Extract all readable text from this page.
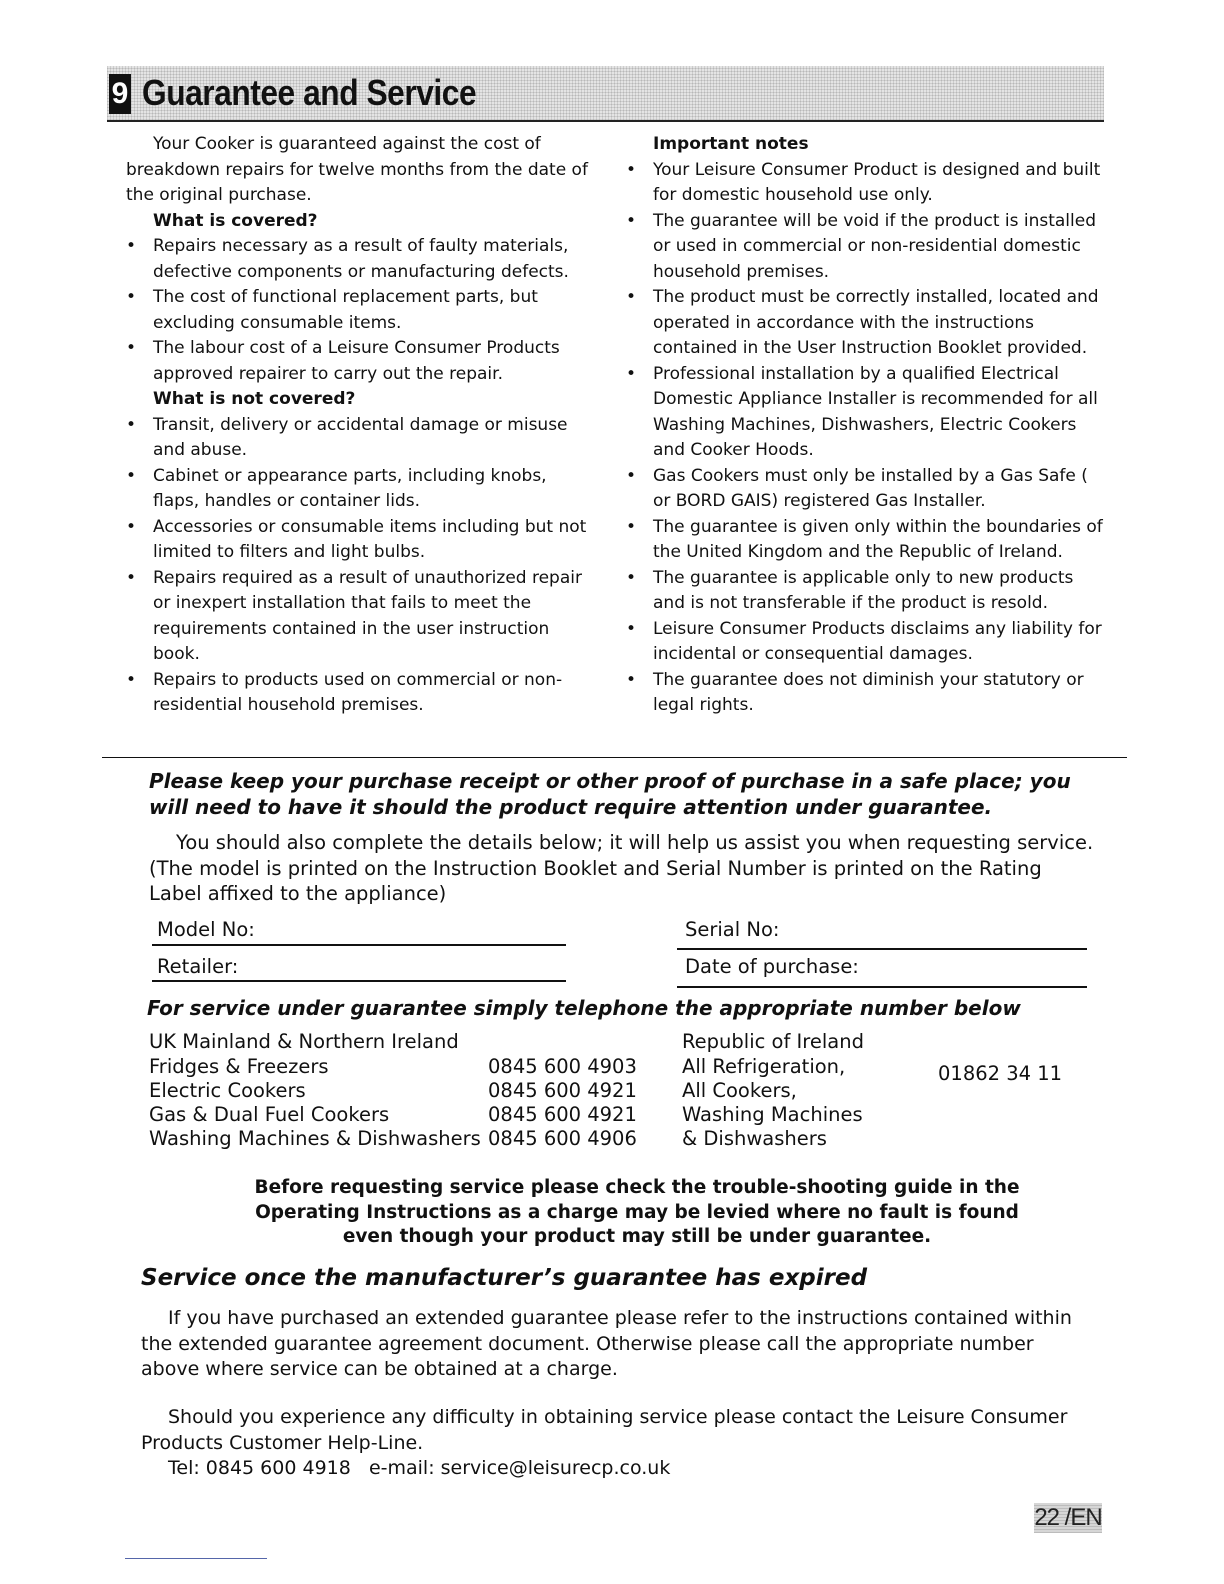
9 Guarantee and Service

Your Cooker is guaranteed against the cost of breakdown repairs for twelve months from the date of the original purchase.

What is covered?
• Repairs necessary as a result of faulty materials, defective components or manufacturing defects.
• The cost of functional replacement parts, but excluding consumable items.
• The labour cost of a Leisure Consumer Products approved repairer to carry out the repair.
What is not covered?
• Transit, delivery or accidental damage or misuse and abuse.
• Cabinet or appearance parts, including knobs, flaps, handles or container lids.
• Accessories or consumable items including but not limited to filters and light bulbs.
• Repairs required as a result of unauthorized repair or inexpert installation that fails to meet the requirements contained in the user instruction book.
• Repairs to products used on commercial or non-residential household premises.
Important notes
• Your Leisure Consumer Product is designed and built for domestic household use only.
• The guarantee will be void if the product is installed or used in commercial or non-residential domestic household premises.
• The product must be correctly installed, located and operated in accordance with the instructions contained in the User Instruction Booklet provided.
• Professional installation by a qualified Electrical Domestic Appliance Installer is recommended for all Washing Machines, Dishwashers, Electric Cookers and Cooker Hoods.
• Gas Cookers must only be installed by a Gas Safe ( or BORD GAIS) registered Gas Installer.
• The guarantee is given only within the boundaries of the United Kingdom and the Republic of Ireland.
• The guarantee is applicable only to new products and is not transferable if the product is resold.
• Leisure Consumer Products disclaims any liability for incidental or consequential damages.
• The guarantee does not diminish your statutory or legal rights.
Please keep your purchase receipt or other proof of purchase in a safe place; you will need to have it should the product require attention under guarantee.
You should also complete the details below; it will help us assist you when requesting service. (The model is printed on the Instruction Booklet and Serial Number is printed on the Rating Label affixed to the appliance)
Model No:
Retailer:
Serial No:
Date of purchase:
For service under guarantee simply telephone the appropriate number below
UK Mainland & Northern Ireland
Fridges & Freezers	0845 600 4903
Electric Cookers	0845 600 4921
Gas & Dual Fuel Cookers	0845 600 4921
Washing Machines & Dishwashers 0845 600 4906
Republic of Ireland
All Refrigeration,
All Cookers,
Washing Machines
& Dishwashers
01862 34 11
Before requesting service please check the trouble-shooting guide in the Operating Instructions as a charge may be levied where no fault is found even though your product may still be under guarantee.
Service once the manufacturer’s guarantee has expired
If you have purchased an extended guarantee please refer to the instructions contained within the extended guarantee agreement document. Otherwise please call the appropriate number above where service can be obtained at a charge.
Should you experience any difficulty in obtaining service please contact the Leisure Consumer Products Customer Help-Line.
Tel: 0845 600 4918   e-mail: service@leisurecp.co.uk
22 /EN
